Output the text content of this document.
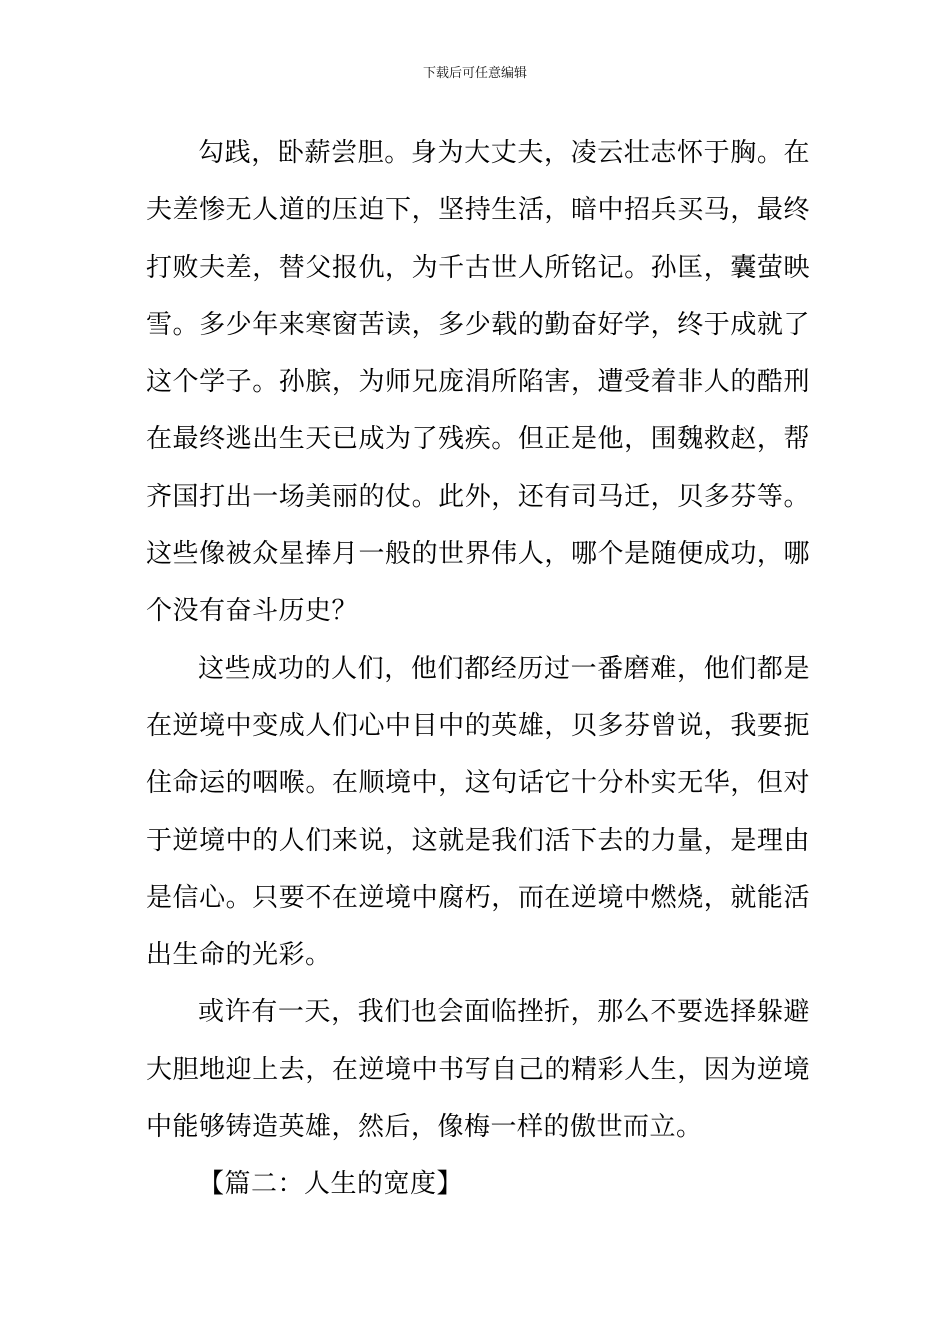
下载后可任意编辑

勾践，卧薪尝胆。身为大丈夫，凌云壮志怀于胸。在夫差惨无人道的压迫下，坚持生活，暗中招兵买马，最终打败夫差，替父报仇，为千古世人所铭记。孙匡，囊萤映雪。多少年来寒窗苦读，多少载的勤奋好学，终于成就了这个学子。孙膑，为师兄庞涓所陷害，遭受着非人的酷刑在最终逃出生天已成为了残疾。但正是他，围魏救赵，帮齐国打出一场美丽的仗。此外，还有司马迁，贝多芬等。这些像被众星捧月一般的世界伟人，哪个是随便成功，哪个没有奋斗历史？

这些成功的人们，他们都经历过一番磨难，他们都是在逆境中变成人们心中目中的英雄，贝多芬曾说，我要扼住命运的咽喉。在顺境中，这句话它十分朴实无华，但对于逆境中的人们来说，这就是我们活下去的力量，是理由是信心。只要不在逆境中腐朽，而在逆境中燃烧，就能活出生命的光彩。

或许有一天，我们也会面临挫折，那么不要选择躲避大胆地迎上去，在逆境中书写自己的精彩人生，因为逆境中能够铸造英雄，然后，像梅一样的傲世而立。

【篇二：人生的宽度】
